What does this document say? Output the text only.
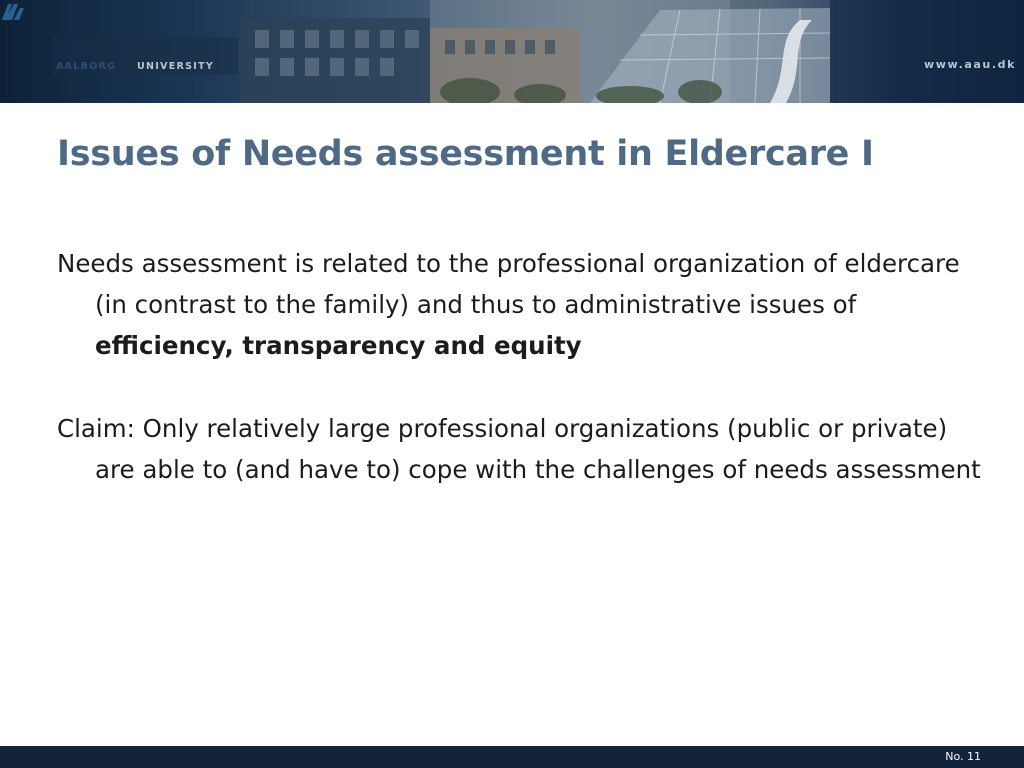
AALBORG UNIVERSITY	www.aau.dk
Issues of Needs assessment in Eldercare I

Needs assessment is related to the professional organization of eldercare (in contrast to the family) and thus to administrative issues of efficiency, transparency and equity

Claim: Only relatively large professional organizations (public or private) are able to (and have to) cope with the challenges of needs assessment

No. 11
